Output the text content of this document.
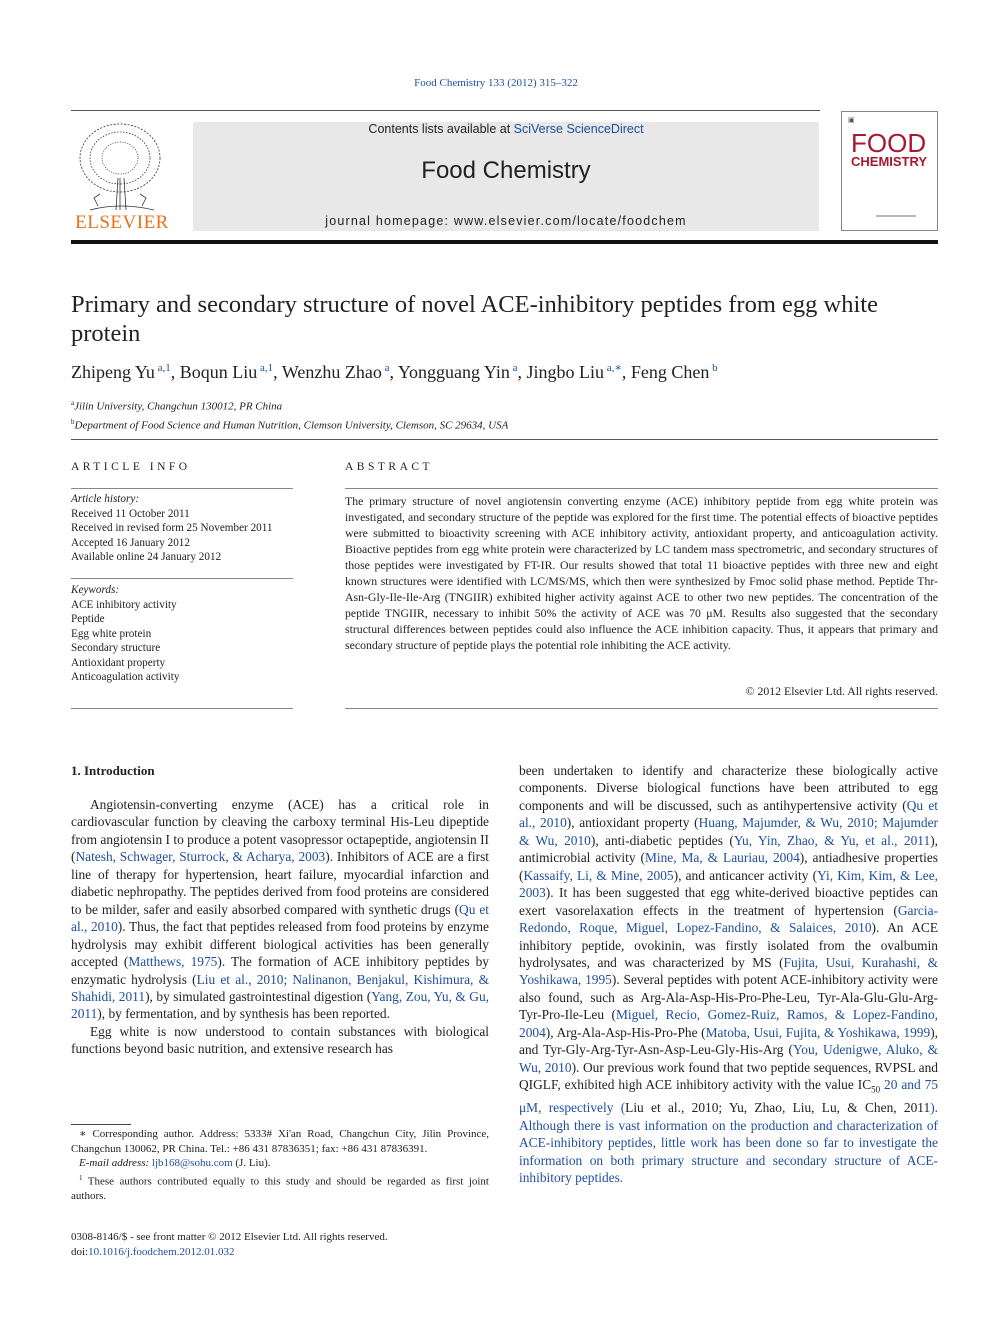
Food Chemistry 133 (2012) 315–322
ELSEVIER
Contents lists available at SciVerse ScienceDirect
Food Chemistry
journal homepage: www.elsevier.com/locate/foodchem
▣
FOOD
CHEMISTRY
Primary and secondary structure of novel ACE-inhibitory peptides from egg white protein
Zhipeng Yu $^{a,1}$, Boqun Liu $^{a,1}$, Wenzhu Zhao $^a$, Yongguang Yin $^a$, Jingbo Liu $^{a,∗}$, Feng Chen $^b$
$^a$Jilin University, Changchun 130012, PR China
$^b$Department of Food Science and Human Nutrition, Clemson University, Clemson, SC 29634, USA
ARTICLE INFO	ABSTRACT
Article history:
Received 11 October 2011
Received in revised form 25 November 2011
Accepted 16 January 2012
Available online 24 January 2012
Keywords:
ACE inhibitory activity
Peptide
Egg white protein
Secondary structure
Antioxidant property
Anticoagulation activity
The primary structure of novel angiotensin converting enzyme (ACE) inhibitory peptide from egg white protein was investigated, and secondary structure of the peptide was explored for the first time. The potential effects of bioactive peptides were submitted to bioactivity screening with ACE inhibitory activity, antioxidant property, and anticoagulation activity. Bioactive peptides from egg white protein were characterized by LC tandem mass spectrometric, and secondary structures of those peptides were investigated by FT-IR. Our results showed that total 11 bioactive peptides with three new and eight known structures were identified with LC/MS/MS, which then were synthesized by Fmoc solid phase method. Peptide Thr-Asn-Gly-Ile-Ile-Arg (TNGIIR) exhibited higher activity against ACE to other two new peptides. The concentration of the peptide TNGIIR, necessary to inhibit 50% the activity of ACE was 70 μM. Results also suggested that the secondary structural differences between peptides could also influence the ACE inhibition capacity. Thus, it appears that primary and secondary structure of peptide plays the potential role inhibiting the ACE activity.
© 2012 Elsevier Ltd. All rights reserved.
1. Introduction

Angiotensin-converting enzyme (ACE) has a critical role in cardiovascular function by cleaving the carboxy terminal His-Leu dipeptide from angiotensin I to produce a potent vasopressor octapeptide, angiotensin II (Natesh, Schwager, Sturrock, & Acharya, 2003). Inhibitors of ACE are a first line of therapy for hypertension, heart failure, myocardial infarction and diabetic nephropathy. The peptides derived from food proteins are considered to be milder, safer and easily absorbed compared with synthetic drugs (Qu et al., 2010). Thus, the fact that peptides released from food proteins by enzyme hydrolysis may exhibit different biological activities has been generally accepted (Matthews, 1975). The formation of ACE inhibitory peptides by enzymatic hydrolysis (Liu et al., 2010; Nalinanon, Benjakul, Kishimura, & Shahidi, 2011), by simulated gastrointestinal digestion (Yang, Zou, Yu, & Gu, 2011), by fermentation, and by synthesis has been reported.

Egg white is now understood to contain substances with biological functions beyond basic nutrition, and extensive research has

been undertaken to identify and characterize these biologically active components. Diverse biological functions have been attributed to egg components and will be discussed, such as antihypertensive activity (Qu et al., 2010), antioxidant property (Huang, Majumder, & Wu, 2010; Majumder & Wu, 2010), anti-diabetic peptides (Yu, Yin, Zhao, & Yu, et al., 2011), antimicrobial activity (Mine, Ma, & Lauriau, 2004), antiadhesive properties (Kassaify, Li, & Mine, 2005), and anticancer activity (Yi, Kim, Kim, & Lee, 2003). It has been suggested that egg white-derived bioactive peptides can exert vasorelaxation effects in the treatment of hypertension (Garcia-Redondo, Roque, Miguel, Lopez-Fandino, & Salaices, 2010). An ACE inhibitory peptide, ovokinin, was firstly isolated from the ovalbumin hydrolysates, and was characterized by MS (Fujita, Usui, Kurahashi, & Yoshikawa, 1995). Several peptides with potent ACE-inhibitory activity were also found, such as Arg-Ala-Asp-His-Pro-Phe-Leu, Tyr-Ala-Glu-Glu-Arg-Tyr-Pro-Ile-Leu (Miguel, Recio, Gomez-Ruiz, Ramos, & Lopez-Fandino, 2004), Arg-Ala-Asp-His-Pro-Phe (Matoba, Usui, Fujita, & Yoshikawa, 1999), and Tyr-Gly-Arg-Tyr-Asn-Asp-Leu-Gly-His-Arg (You, Udenigwe, Aluko, & Wu, 2010). Our previous work found that two peptide sequences, RVPSL and QIGLF, exhibited high ACE inhibitory activity with the value $IC_{50}$ 20 and 75 μM, respectively (Liu et al., 2010; Yu, Zhao, Liu, Lu, & Chen, 2011). Although there is vast information on the production and characterization of ACE-inhibitory peptides, little work has been done so far to investigate the information on both primary structure and secondary structure of ACE-inhibitory peptides.

∗ Corresponding author. Address: 5333# Xi'an Road, Changchun City, Jilin Province, Changchun 130062, PR China. Tel.: +86 431 87836351; fax: +86 431 87836391.

E-mail address: ljb168@sohu.com (J. Liu).

$^1$ These authors contributed equally to this study and should be regarded as first joint authors.

0308-8146/$ - see front matter © 2012 Elsevier Ltd. All rights reserved.
doi:10.1016/j.foodchem.2012.01.032
